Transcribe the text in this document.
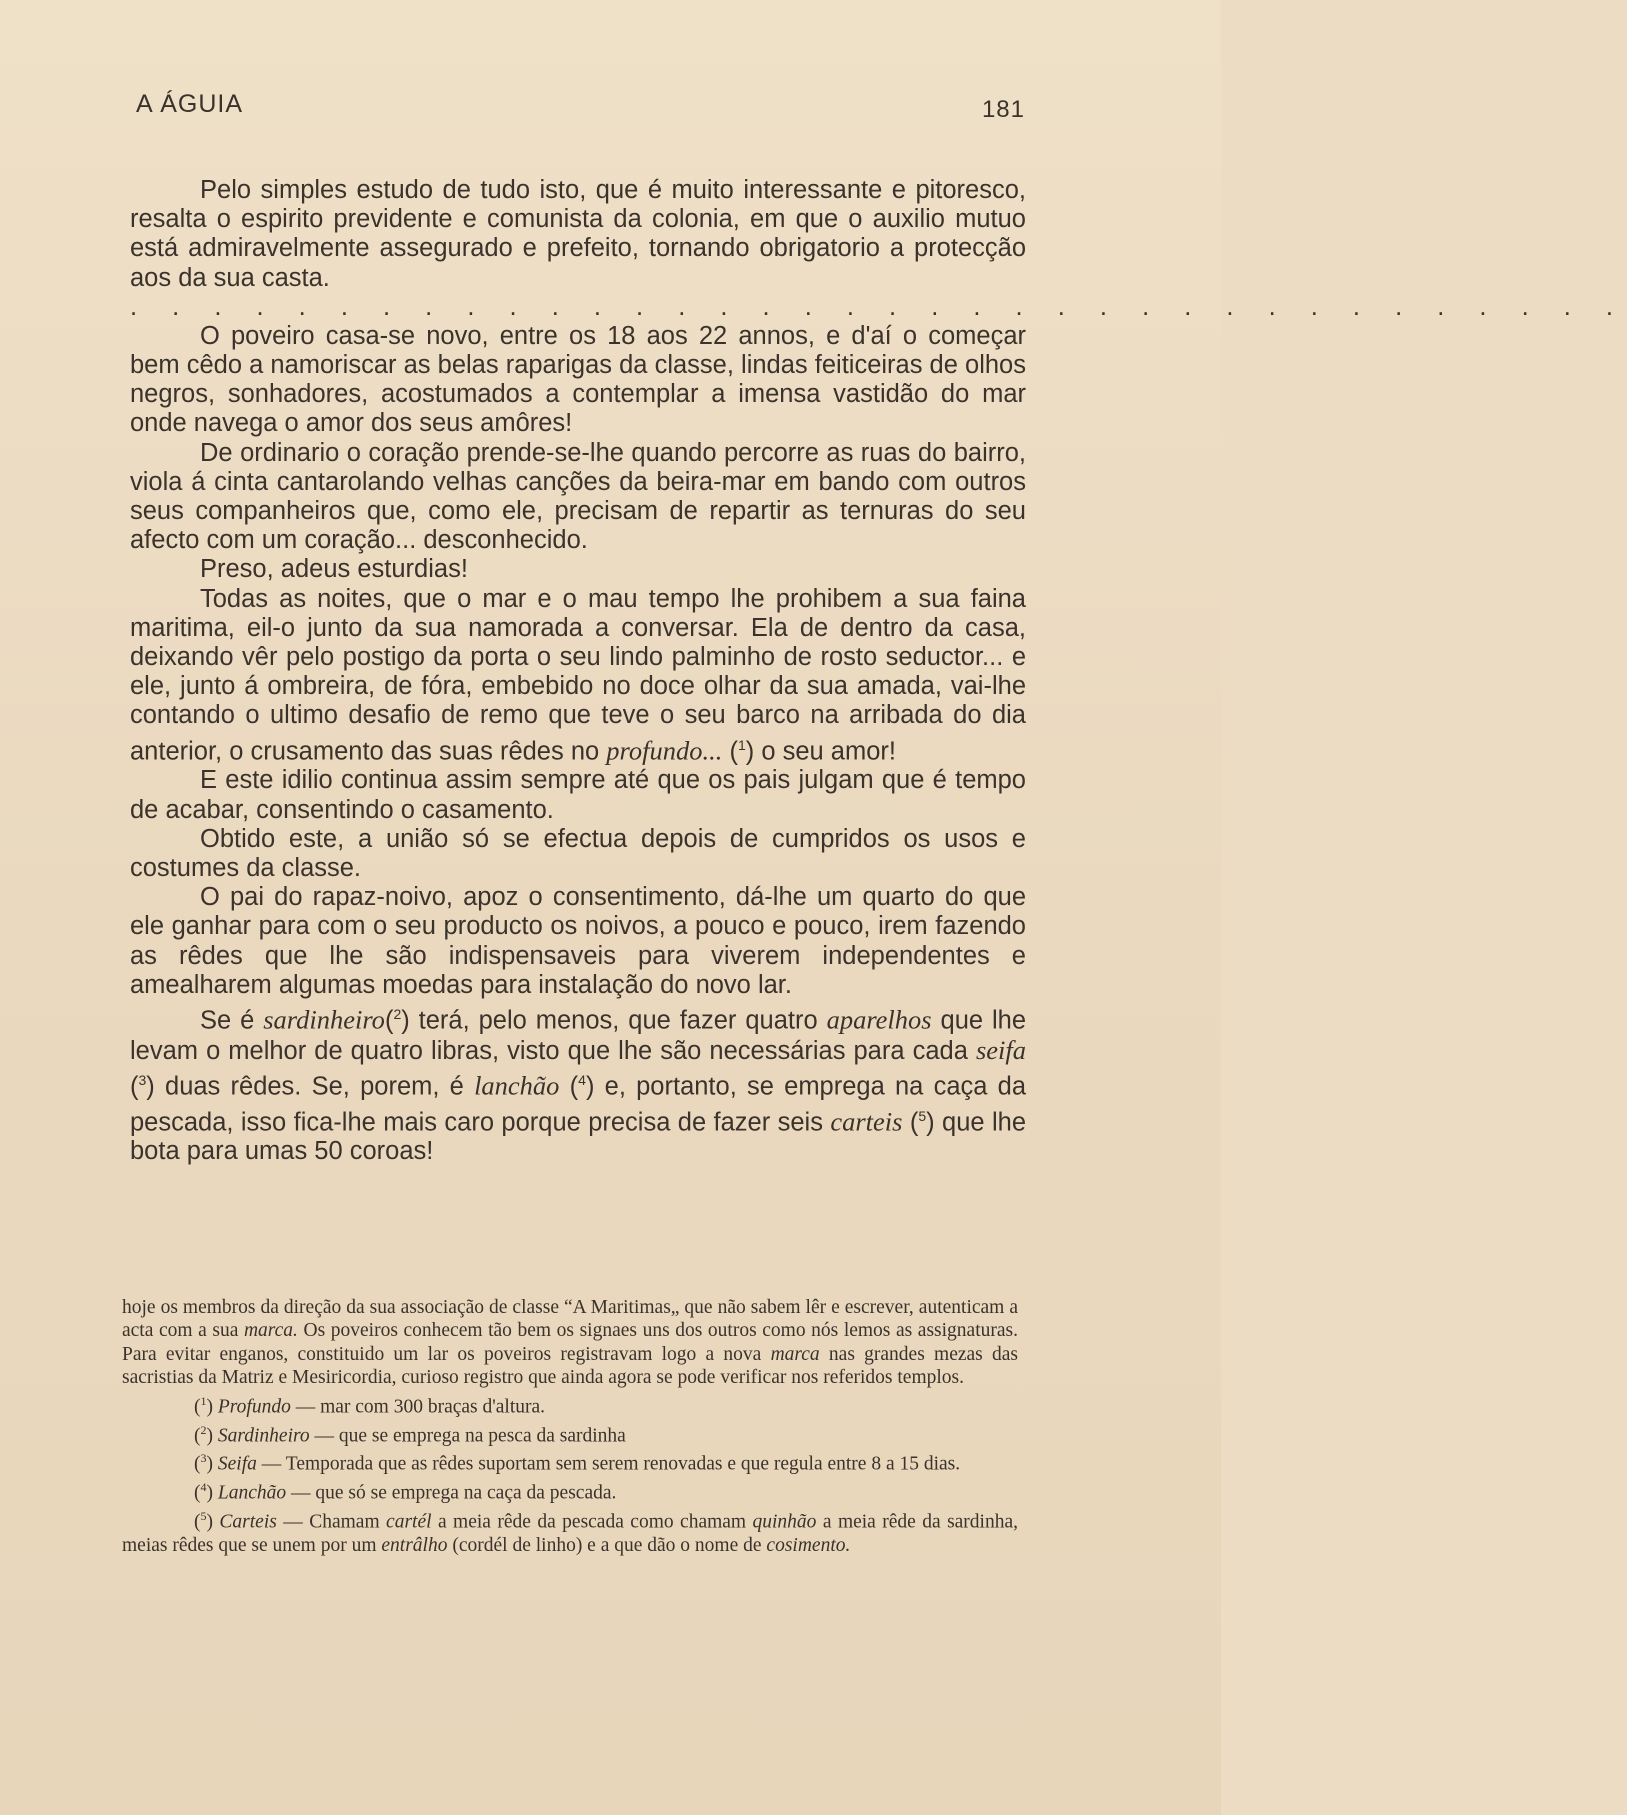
A ÁGUIA	181

Pelo simples estudo de tudo isto, que é muito interessante e pitoresco, resalta o espirito previdente e comunista da colonia, em que o auxilio mutuo está admiravelmente assegurado e prefeito, tornando obrigatorio a protecção aos da sua casta.

. . . . . . . . . . . . . . . . . . . . . . . . . . . . . . . . . . . .

O poveiro casa-se novo, entre os 18 aos 22 annos, e d'aí o começar bem cêdo a namoriscar as belas raparigas da classe, lindas feiticeiras de olhos negros, sonhadores, acostumados a contemplar a imensa vastidão do mar onde navega o amor dos seus amôres!

De ordinario o coração prende-se-lhe quando percorre as ruas do bairro, viola á cinta cantarolando velhas canções da beira-mar em bando com outros seus companheiros que, como ele, precisam de repartir as ternuras do seu afecto com um coração... desconhecido.

Preso, adeus esturdias!

Todas as noites, que o mar e o mau tempo lhe prohibem a sua faina maritima, eil-o junto da sua namorada a conversar. Ela de dentro da casa, deixando vêr pelo postigo da porta o seu lindo palminho de rosto seductor... e ele, junto á ombreira, de fóra, embebido no doce olhar da sua amada, vai-lhe contando o ultimo desafio de remo que teve o seu barco na arribada do dia anterior, o crusamento das suas rêdes no profundo... ($^1$) o seu amor!

E este idilio continua assim sempre até que os pais julgam que é tempo de acabar, consentindo o casamento.

Obtido este, a união só se efectua depois de cumpridos os usos e costumes da classe.

O pai do rapaz-noivo, apoz o consentimento, dá-lhe um quarto do que ele ganhar para com o seu producto os noivos, a pouco e pouco, irem fazendo as rêdes que lhe são indispensaveis para viverem independentes e amealharem algumas moedas para instalação do novo lar.

Se é sardinheiro($^2$) terá, pelo menos, que fazer quatro aparelhos que lhe levam o melhor de quatro libras, visto que lhe são necessárias para cada seifa ($^3$) duas rêdes. Se, porem, é lanchão ($^4$) e, portanto, se emprega na caça da pescada, isso fica-lhe mais caro porque precisa de fazer seis carteis ($^5$) que lhe bota para umas 50 coroas!

hoje os membros da direção da sua associação de classe “A Maritimas„ que não sabem lêr e escrever, autenticam a acta com a sua marca. Os poveiros conhecem tão bem os signaes uns dos outros como nós lemos as assignaturas. Para evitar enganos, constituido um lar os poveiros registravam logo a nova marca nas grandes mezas das sacristias da Matriz e Mesiricordia, curioso registro que ainda agora se pode verificar nos referidos templos.

($^1$) Profundo — mar com 300 braças d'altura.

($^2$) Sardinheiro — que se emprega na pesca da sardinha

($^3$) Seifa — Temporada que as rêdes suportam sem serem renovadas e que regula entre 8 a 15 dias.

($^4$) Lanchão — que só se emprega na caça da pescada.

($^5$) Carteis — Chamam cartél a meia rêde da pescada como chamam quinhão a meia rêde da sardinha, meias rêdes que se unem por um entrâlho (cordél de linho) e a que dão o nome de cosimento.
